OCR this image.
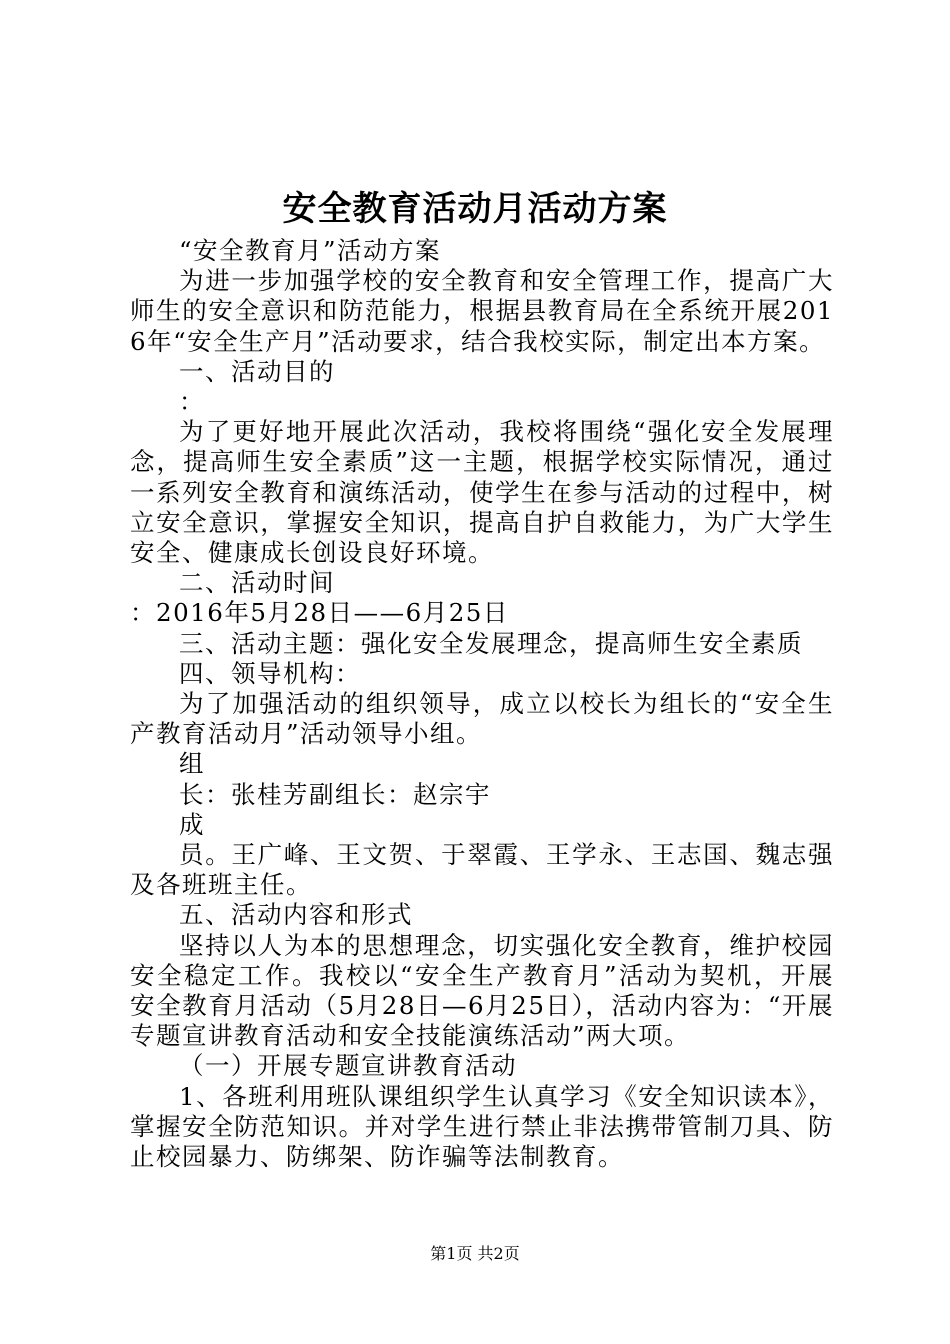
安全教育活动月活动方案

“安全教育月”活动方案

为进一步加强学校的安全教育和安全管理工作，提高广大师生的安全意识和防范能力，根据县教育局在全系统开展2016年“安全生产月”活动要求，结合我校实际，制定出本方案。

一、活动目的

：

为了更好地开展此次活动，我校将围绕“强化安全发展理念，提高师生安全素质”这一主题，根据学校实际情况，通过一系列安全教育和演练活动，使学生在参与活动的过程中，树立安全意识，掌握安全知识，提高自护自救能力，为广大学生安全、健康成长创设良好环境。

二、活动时间

：2016年5月28日——6月25日

三、活动主题：强化安全发展理念，提高师生安全素质

四、领导机构：

为了加强活动的组织领导，成立以校长为组长的“安全生产教育活动月”活动领导小组。

组

长：张桂芳副组长：赵宗宇

成

员。王广峰、王文贺、于翠霞、王学永、王志国、魏志强及各班班主任。

五、活动内容和形式

坚持以人为本的思想理念，切实强化安全教育，维护校园安全稳定工作。我校以“安全生产教育月”活动为契机，开展安全教育月活动（5月28日—6月25日），活动内容为：“开展专题宣讲教育活动和安全技能演练活动”两大项。

（一）开展专题宣讲教育活动

1、各班利用班队课组织学生认真学习《安全知识读本》，掌握安全防范知识。并对学生进行禁止非法携带管制刀具、防止校园暴力、防绑架、防诈骗等法制教育。

第1页 共2页
